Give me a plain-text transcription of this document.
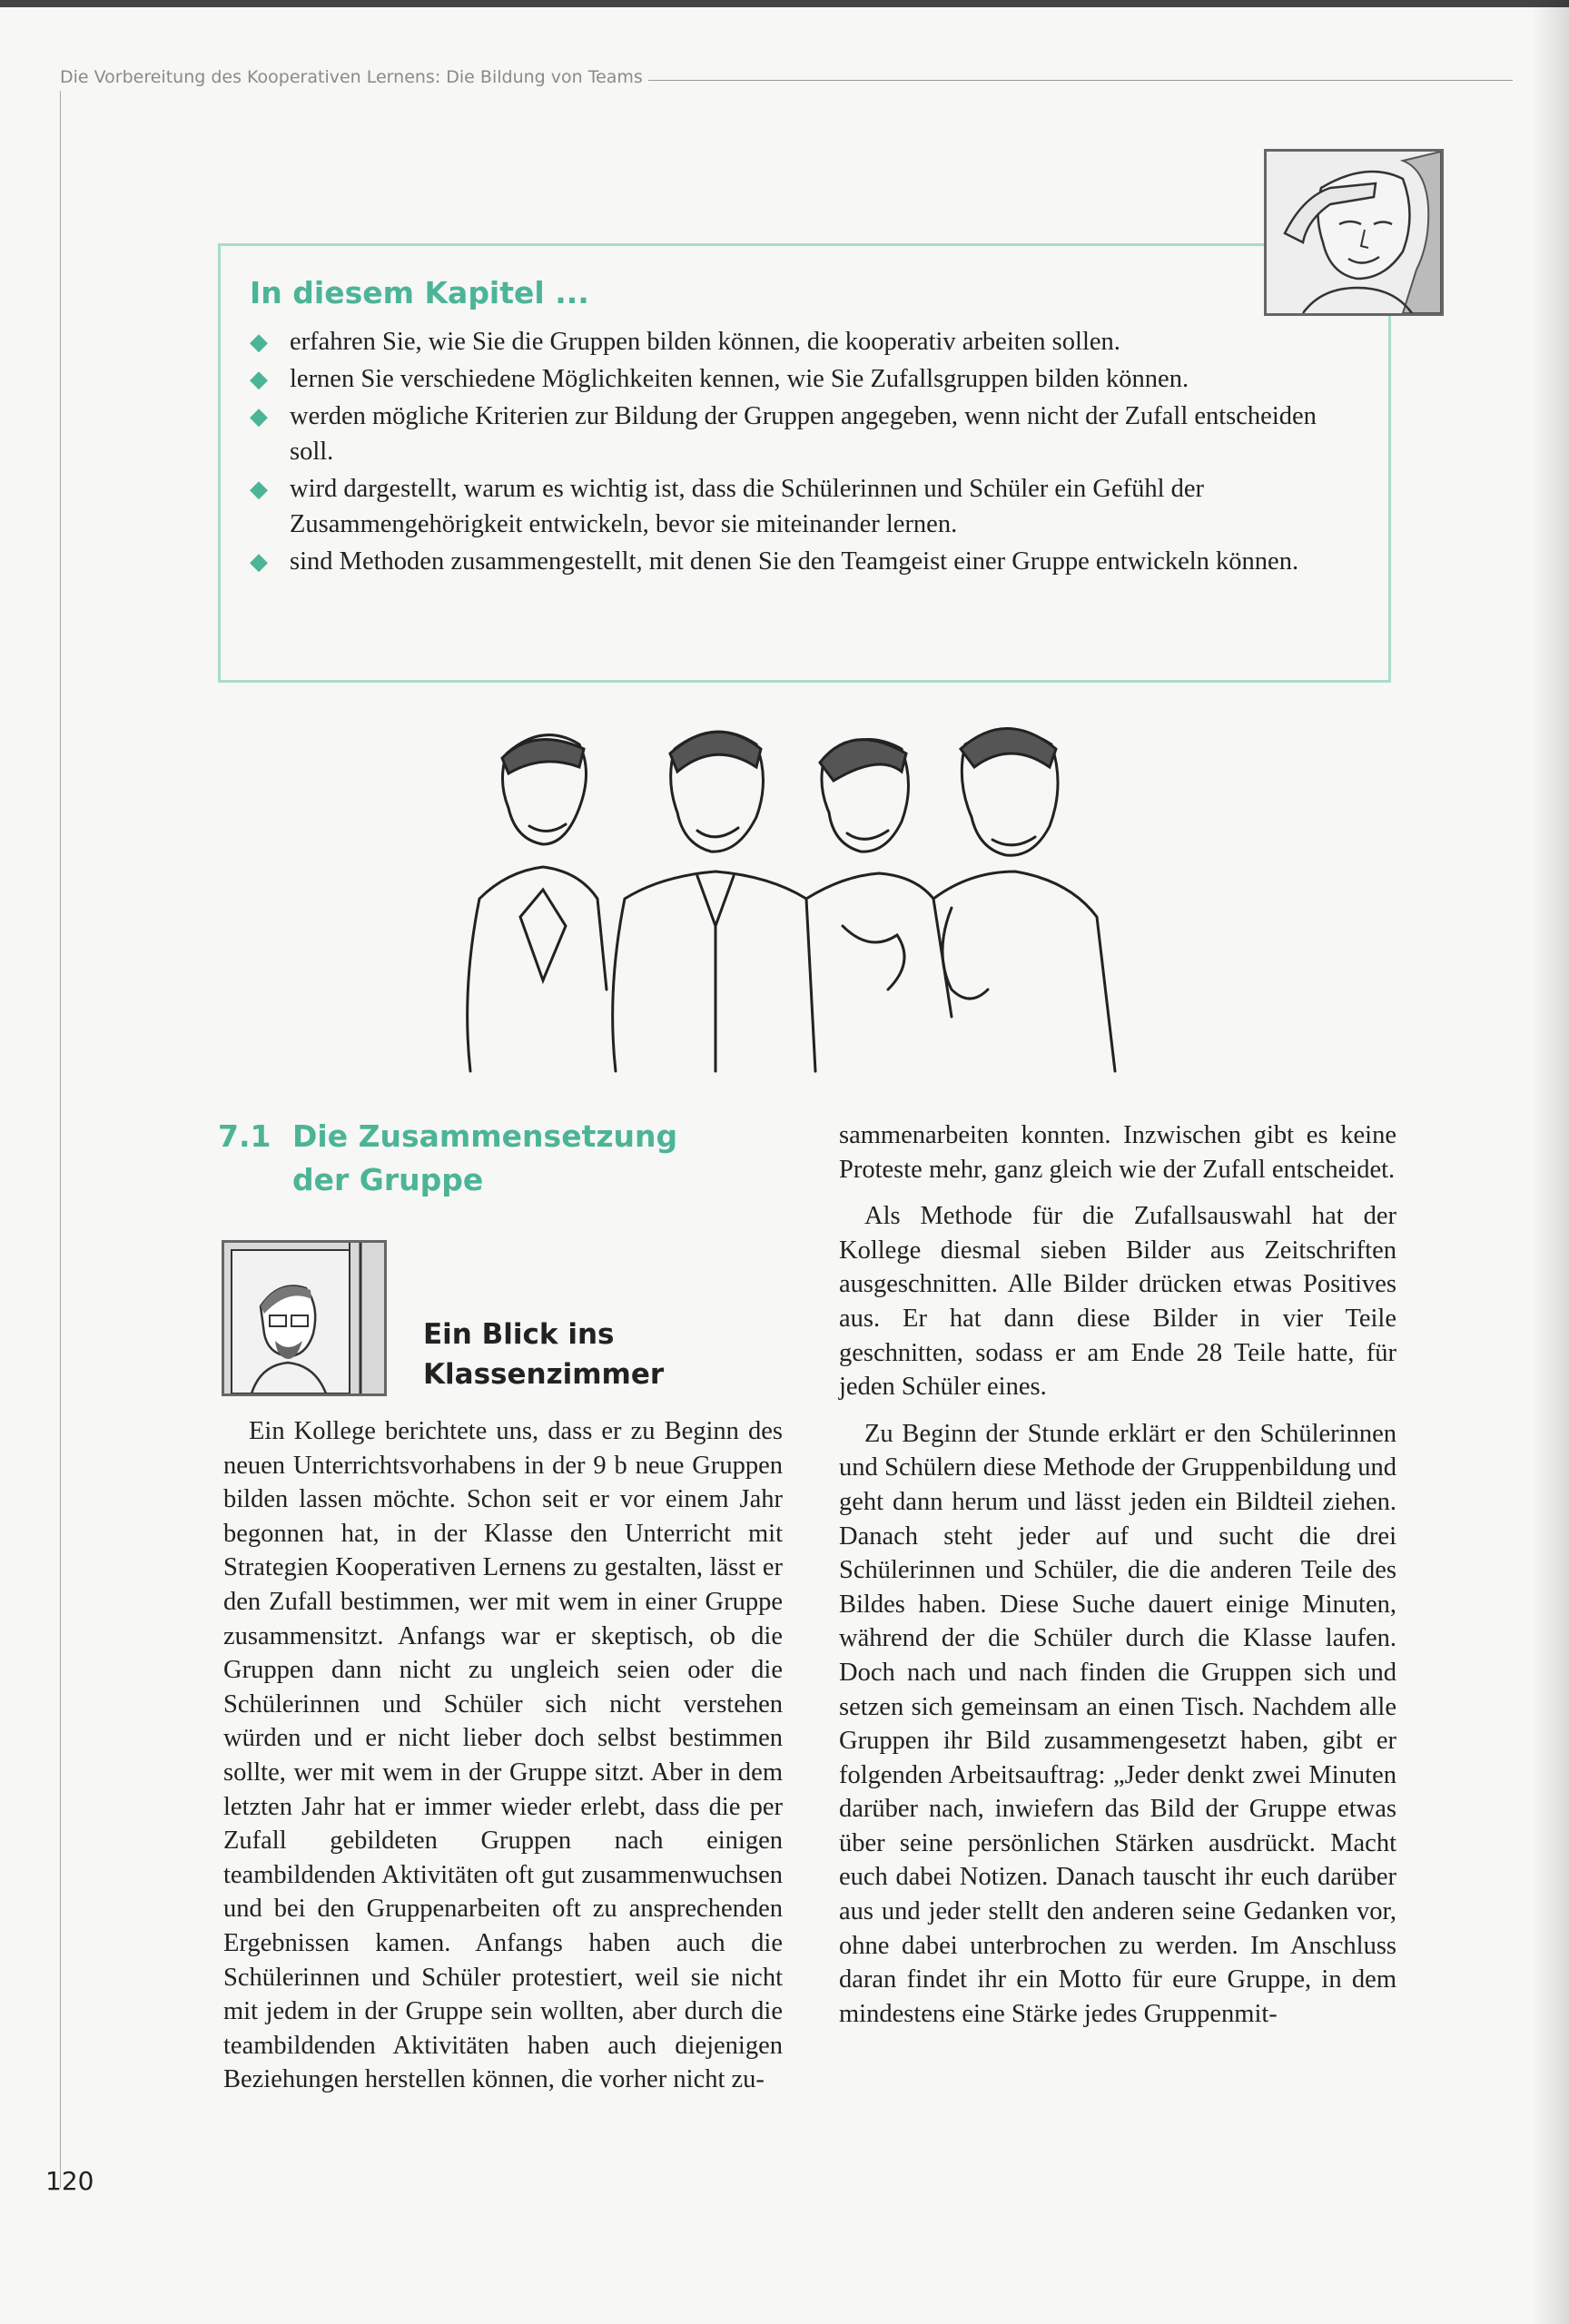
Die Vorbereitung des Kooperativen Lernens: Die Bildung von Teams
In diesem Kapitel ...
◆ erfahren Sie, wie Sie die Gruppen bilden können, die kooperativ arbeiten sollen.
◆ lernen Sie verschiedene Möglichkeiten kennen, wie Sie Zufallsgruppen bilden können.
◆ werden mögliche Kriterien zur Bildung der Gruppen angegeben, wenn nicht der Zufall entscheiden soll.
◆ wird dargestellt, warum es wichtig ist, dass die Schülerinnen und Schüler ein Gefühl der Zusammengehörigkeit entwickeln, bevor sie miteinander lernen.
◆ sind Methoden zusammengestellt, mit denen Sie den Teamgeist einer Gruppe entwickeln können.
7.1 Die Zusammensetzung
der Gruppe
Ein Blick ins
Klassenzimmer

Ein Kollege berichtete uns, dass er zu Beginn des neuen Unterrichtsvorhabens in der 9 b neue Gruppen bilden lassen möchte. Schon seit er vor einem Jahr begonnen hat, in der Klasse den Unterricht mit Strategien Kooperativen Lernens zu gestalten, lässt er den Zufall bestimmen, wer mit wem in einer Gruppe zusammensitzt. Anfangs war er skeptisch, ob die Gruppen dann nicht zu ungleich seien oder die Schülerinnen und Schüler sich nicht verstehen würden und er nicht lieber doch selbst bestimmen sollte, wer mit wem in der Gruppe sitzt. Aber in dem letzten Jahr hat er immer wieder erlebt, dass die per Zufall gebildeten Gruppen nach einigen teambildenden Aktivitäten oft gut zusammenwuchsen und bei den Gruppenarbeiten oft zu ansprechenden Ergebnissen kamen. Anfangs haben auch die Schülerinnen und Schüler protestiert, weil sie nicht mit jedem in der Gruppe sein wollten, aber durch die teambildenden Aktivitäten haben auch diejenigen Beziehungen herstellen können, die vorher nicht zu-

sammenarbeiten konnten. Inzwischen gibt es keine Proteste mehr, ganz gleich wie der Zufall entscheidet.

Als Methode für die Zufallsauswahl hat der Kollege diesmal sieben Bilder aus Zeitschriften ausgeschnitten. Alle Bilder drücken etwas Positives aus. Er hat dann diese Bilder in vier Teile geschnitten, sodass er am Ende 28 Teile hatte, für jeden Schüler eines.

Zu Beginn der Stunde erklärt er den Schülerinnen und Schülern diese Methode der Gruppenbildung und geht dann herum und lässt jeden ein Bildteil ziehen. Danach steht jeder auf und sucht die drei Schülerinnen und Schüler, die die anderen Teile des Bildes haben. Diese Suche dauert einige Minuten, während der die Schüler durch die Klasse laufen. Doch nach und nach finden die Gruppen sich und setzen sich gemeinsam an einen Tisch. Nachdem alle Gruppen ihr Bild zusammengesetzt haben, gibt er folgenden Arbeitsauftrag: „Jeder denkt zwei Minuten darüber nach, inwiefern das Bild der Gruppe etwas über seine persönlichen Stärken ausdrückt. Macht euch dabei Notizen. Danach tauscht ihr euch darüber aus und jeder stellt den anderen seine Gedanken vor, ohne dabei unterbrochen zu werden. Im Anschluss daran findet ihr ein Motto für eure Gruppe, in dem mindestens eine Stärke jedes Gruppenmit-

120
